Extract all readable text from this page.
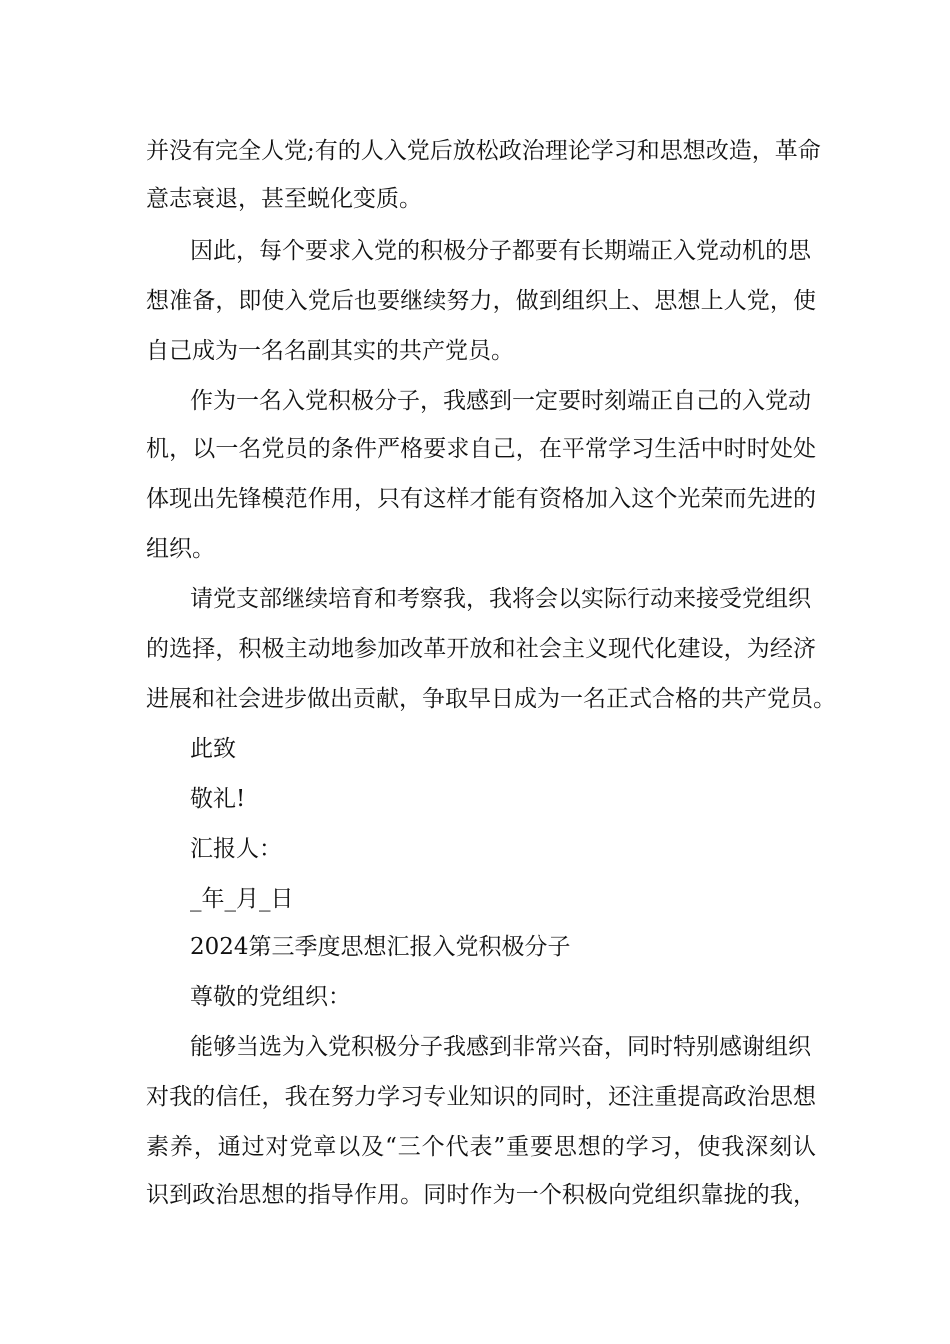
并没有完全人党;有的人入党后放松政治理论学习和思想改造，革命
意志衰退，甚至蜕化变质。
因此，每个要求入党的积极分子都要有长期端正入党动机的思
想准备，即使入党后也要继续努力，做到组织上、思想上人党，使
自己成为一名名副其实的共产党员。
作为一名入党积极分子，我感到一定要时刻端正自己的入党动
机，以一名党员的条件严格要求自己，在平常学习生活中时时处处
体现出先锋模范作用，只有这样才能有资格加入这个光荣而先进的
组织。
请党支部继续培育和考察我，我将会以实际行动来接受党组织
的选择，积极主动地参加改革开放和社会主义现代化建设，为经济
进展和社会进步做出贡献，争取早日成为一名正式合格的共产党员。
此致
敬礼!
汇报人：
_年_月_日
2024第三季度思想汇报入党积极分子
尊敬的党组织：
能够当选为入党积极分子我感到非常兴奋，同时特别感谢组织
对我的信任，我在努力学习专业知识的同时，还注重提高政治思想
素养，通过对党章以及“三个代表”重要思想的学习，使我深刻认
识到政治思想的指导作用。同时作为一个积极向党组织靠拢的我，
